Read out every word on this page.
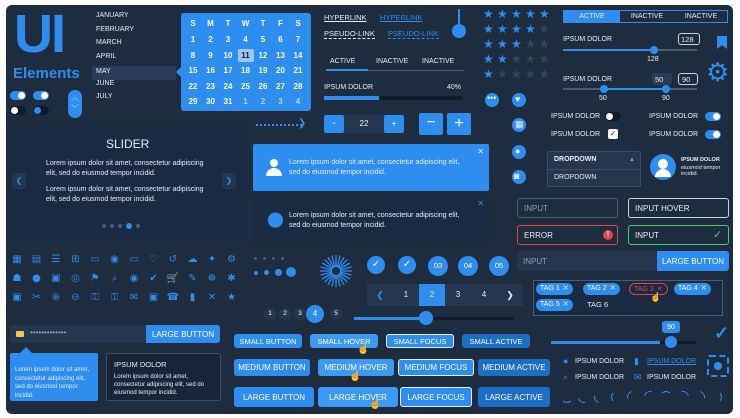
UI
Elements
︿
﹀
JANUARY
FEBRUARY
MARCH
APRIL
MAY
JUNE
JULY
S	M	T	W	T	F	S
1	2	3	4	5	6	7
8	9	10	11	12	13	14
15	16	17	18	19	20	21
22	23	24	25	26	27	28
29	30	31	1	2	3	4
HYPERLINK HYPERLINK
PSEUDO-LINK PSEUDO-LINK
ACTIVE	INACTIVE INACTIVE
IPSUM DOLOR	40%
★ ★ ★ ★ ★
★ ★ ★ ★ ★
★ ★ ★ ★ ★
★ ★ ★ ★ ★
★ ★ ★ ★ ★
••• ♥
▦
●
◙
ACTIVE	INACTIVE	INACTIVE
⚙
IPSUM DOLOR	128
128
IPSUM DOLOR	50	90
50	90
IPSUM DOLOR	IPSUM DOLOR
IPSUM DOLOR ✓	IPSUM DOLOR
DROPDOWN	▲
DROPDOWN
IPSUM DOLOR
eiusmod tempor incidid.
SLIDER
❮	❯
Lorem ipsum dolor sit amet, consectetur adipiscing elit, sed do eiusmod tempor incidid.
Lorem ipsum dolor sit amet, consectetur adipiscing elit, sed do eiusmod tempor incidid.
❯	-	22	+	−	+
Lorem ipsum dolor sit amet, consectetur adipiscing elit, sed do eiusmod tempor incidid.
✕
⬤ Lorem ipsum dolor sit amet, consectetur adipiscing elit, sed do eiusmod tempor incidid.
✕	INPUT	INPUT HOVER
ERROR	!	INPUT	✓
INPUT	LARGE BUTTON
TAG 1 ✕	TAG 2 ✕	TAG 3 ✕	TAG 4 ✕
TAG 5 ✕	TAG 6
▦ ▤ ☰ ⊞ ▭ ◉ ▭ ♡ ↺ ☁ ✦ ⚙
☗ ● ▣ ◎ ⚑	⌕	◉ ✔ 🛒 ✎ ☸ ✱
▣ ✂ ⊕ ⊖	⚿	⚿	✉ ▣ ☎	▮	✕ ★
1	2	3	4	5
✓	✓	03	04	05
❮	1	2	3	4	❯
•••••••••••••	LARGE BUTTON
Lorem ipsum dolor sit amet, consectetur adipiscing elit, sed do eiusmod tempor incidid.
IPSUM DOLOR
Lorem ipsum dolor sit amet, consectetur adipiscing elit, sed do eiusmod tempor incidid.
SMALL BUTTON	SMALL HOVER	SMALL FOCUS	SMALL ACTIVE
MEDIUM BUTTON	MEDIUM HOVER	MEDIUM FOCUS	MEDIUM ACTIVE
LARGE BUTTON	LARGE HOVER	LARGE FOCUS	LARGE ACTIVE
☝
☝
☝
☝
90 ✓
● IPSUM DOLOR ▮ IPSUM DOLOR
⌕ IPSUM DOLOR ✉ IPSUM DOLOR
